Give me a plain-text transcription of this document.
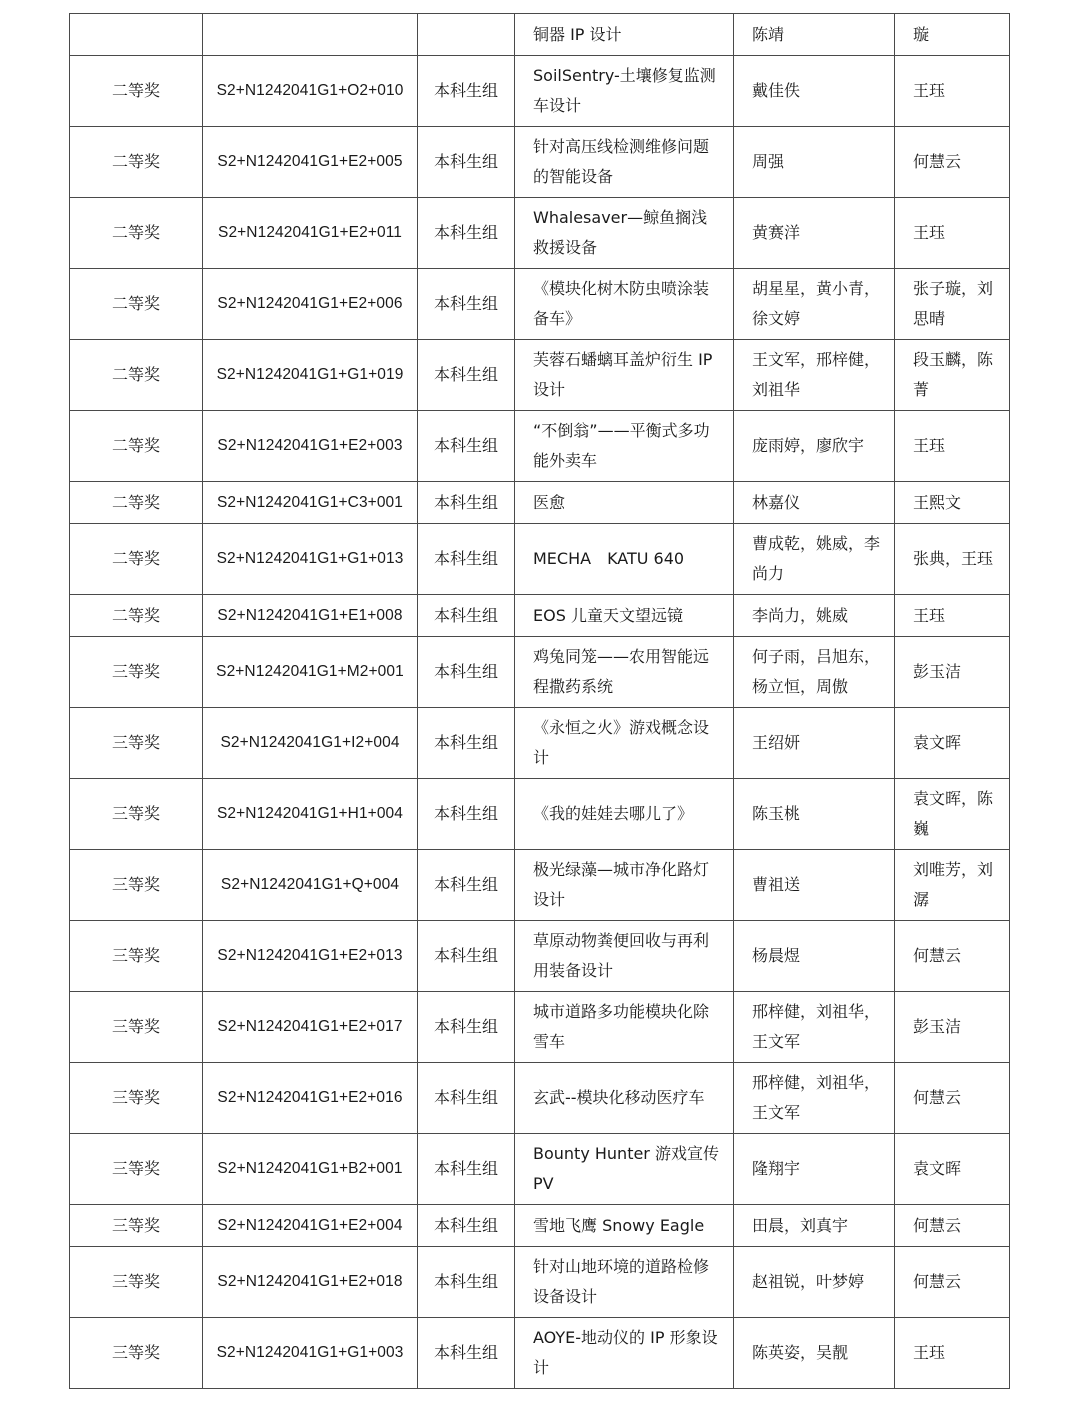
			铜器 IP 设计	陈靖	璇

二等奖	S2+N1242041G1+O2+010	本科生组	SoilSentry-土壤修复监测车设计	戴佳佚	王珏

二等奖	S2+N1242041G1+E2+005	本科生组	针对高压线检测维修问题的智能设备	周强	何慧云

二等奖	S2+N1242041G1+E2+011	本科生组	Whalesaver—鲸鱼搁浅救援设备	黄赛洋	王珏

二等奖	S2+N1242041G1+E2+006	本科生组	《模块化树木防虫喷涂装备车》	胡星星，黄小青，徐文婷	张子璇，刘思晴

二等奖	S2+N1242041G1+G1+019	本科生组	芙蓉石蟠螭耳盖炉衍生 IP 设计	王文军，邢梓健，刘祖华	段玉麟，陈菁

二等奖	S2+N1242041G1+E2+003	本科生组	“不倒翁”——平衡式多功能外卖车	庞雨婷，廖欣宇	王珏

二等奖	S2+N1242041G1+C3+001	本科生组	医愈	林嘉仪	王熙文

二等奖	S2+N1242041G1+G1+013	本科生组	MECHA　KATU 640	曹成乾，姚威，李尚力	张典，王珏

二等奖	S2+N1242041G1+E1+008	本科生组	EOS 儿童天文望远镜	李尚力，姚威	王珏

三等奖	S2+N1242041G1+M2+001	本科生组	鸡兔同笼——农用智能远程撒药系统	何子雨，吕旭东，杨立恒，周傲	彭玉洁

三等奖	S2+N1242041G1+I2+004	本科生组	《永恒之火》游戏概念设计	王绍妍	袁文晖

三等奖	S2+N1242041G1+H1+004	本科生组	《我的娃娃去哪儿了》	陈玉桃	袁文晖，陈巍

三等奖	S2+N1242041G1+Q+004	本科生组	极光绿藻—城市净化路灯设计	曹祖送	刘唯芳，刘潺

三等奖	S2+N1242041G1+E2+013	本科生组	草原动物粪便回收与再利用装备设计	杨晨煜	何慧云

三等奖	S2+N1242041G1+E2+017	本科生组	城市道路多功能模块化除雪车	邢梓健，刘祖华，王文军	彭玉洁

三等奖	S2+N1242041G1+E2+016	本科生组	玄武--模块化移动医疗车	邢梓健，刘祖华，王文军	何慧云

三等奖	S2+N1242041G1+B2+001	本科生组	Bounty Hunter 游戏宣传 PV	隆翔宇	袁文晖

三等奖	S2+N1242041G1+E2+004	本科生组	雪地飞鹰 Snowy Eagle	田晨，刘真宇	何慧云

三等奖	S2+N1242041G1+E2+018	本科生组	针对山地环境的道路检修设备设计	赵祖锐，叶梦婷	何慧云

三等奖	S2+N1242041G1+G1+003	本科生组	AOYE-地动仪的 IP 形象设计	陈英姿，吴靓	王珏
